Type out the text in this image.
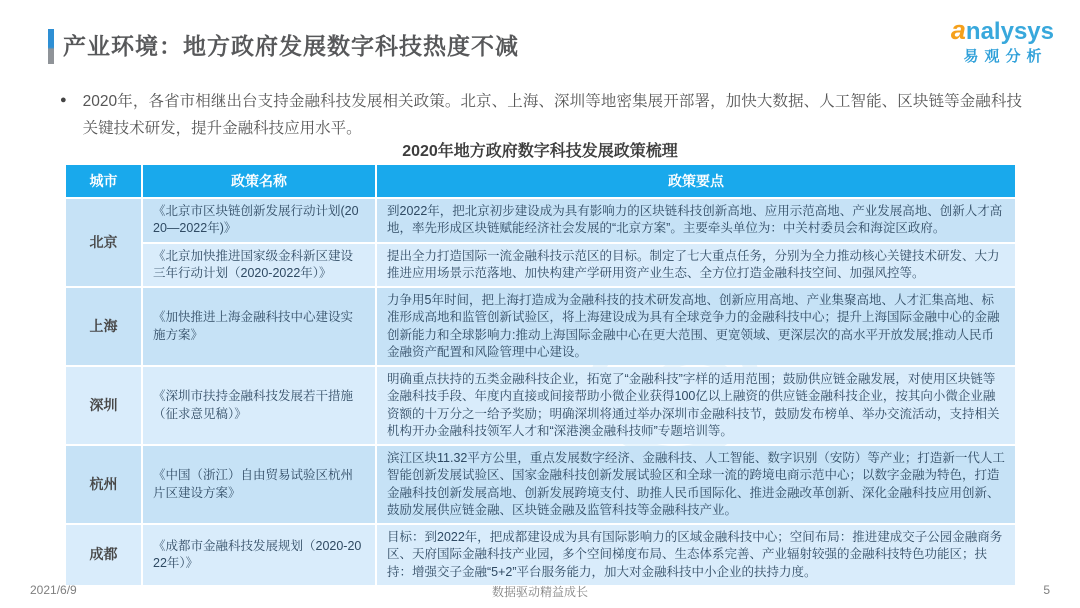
产业环境：地方政府发展数字科技热度不减
analysys
易观分析
● 2020年，各省市相继出台支持金融科技发展相关政策。北京、上海、深圳等地密集展开部署，加快大数据、人工智能、区块链等金融科技关键技术研发，提升金融科技应用水平。
2020年地方政府数字科技发展政策梳理
城市	政策名称	政策要点
北京	《北京市区块链创新发展行动计划(2020—2022年)》	到2022年，把北京初步建设成为具有影响力的区块链科技创新高地、应用示范高地、产业发展高地、创新人才高地，率先形成区块链赋能经济社会发展的“北京方案”。主要牵头单位为：中关村委员会和海淀区政府。
	《北京加快推进国家级金科新区建设三年行动计划（2020-2022年）》	提出全力打造国际一流金融科技示范区的目标。制定了七大重点任务，分别为全力推动核心关键技术研发、大力推进应用场景示范落地、加快构建产学研用资产业生态、全方位打造金融科技空间、加强风控等。
上海	《加快推进上海金融科技中心建设实施方案》	力争用5年时间，把上海打造成为金融科技的技术研发高地、创新应用高地、产业集聚高地、人才汇集高地、标准形成高地和监管创新试验区，将上海建设成为具有全球竞争力的金融科技中心；提升上海国际金融中心的金融创新能力和全球影响力:推动上海国际金融中心在更大范围、更宽领域、更深层次的高水平开放发展;推动人民币金融资产配置和风险管理中心建设。
深圳	《深圳市扶持金融科技发展若干措施（征求意见稿）》	明确重点扶持的五类金融科技企业，拓宽了“金融科技”字样的适用范围；鼓励供应链金融发展，对使用区块链等金融科技手段、年度内直接或间接帮助小微企业获得100亿以上融资的供应链金融科技企业，按其向小微企业融资额的十万分之一给予奖励；明确深圳将通过举办深圳市金融科技节，鼓励发布榜单、举办交流活动，支持相关机构开办金融科技领军人才和“深港澳金融科技师”专题培训等。
杭州	《中国（浙江）自由贸易试验区杭州片区建设方案》	滨江区块11.32平方公里，重点发展数字经济、金融科技、人工智能、数字识别（安防）等产业；打造新一代人工智能创新发展试验区、国家金融科技创新发展试验区和全球一流的跨境电商示范中心；以数字金融为特色，打造金融科技创新发展高地、创新发展跨境支付、助推人民币国际化、推进金融改革创新、深化金融科技应用创新、鼓励发展供应链金融、区块链金融及监管科技等金融科技产业。
成都	《成都市金融科技发展规划（2020-2022年）》	目标：到2022年，把成都建设成为具有国际影响力的区域金融科技中心；空间布局：推进建成交子公园金融商务区、天府国际金融科技产业园，多个空间梯度布局、生态体系完善、产业辐射较强的金融科技特色功能区；扶持：增强交子金融“5+2”平台服务能力，加大对金融科技中小企业的扶持力度。
2021/6/9	数据驱动精益成长	5
